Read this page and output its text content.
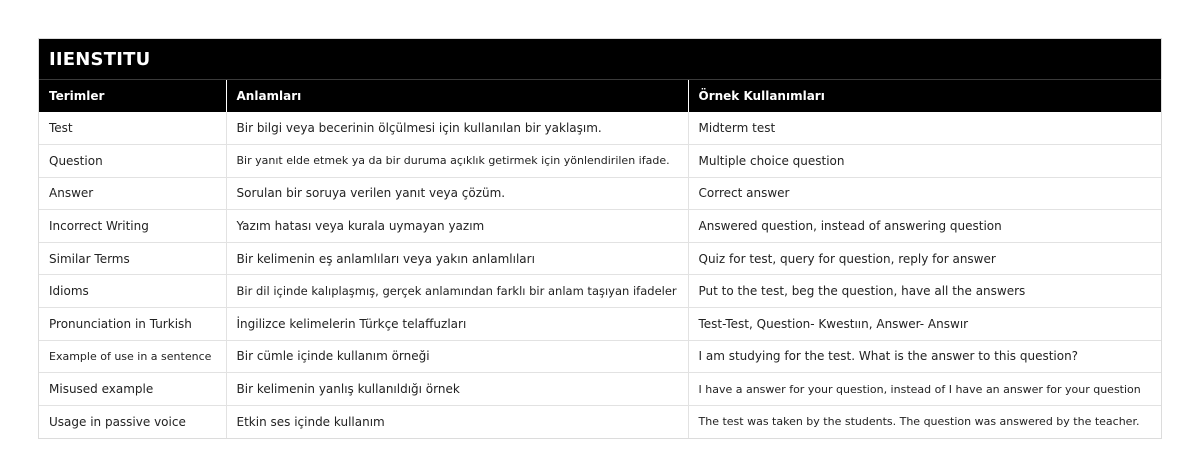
IIENSTITU
Terimler	Anlamları	Örnek Kullanımları
Test	Bir bilgi veya becerinin ölçülmesi için kullanılan bir yaklaşım.	Midterm test
Question	Bir yanıt elde etmek ya da bir duruma açıklık getirmek için yönlendirilen ifade.	Multiple choice question
Answer	Sorulan bir soruya verilen yanıt veya çözüm.	Correct answer
Incorrect Writing	Yazım hatası veya kurala uymayan yazım	Answered question, instead of answering question
Similar Terms	Bir kelimenin eş anlamlıları veya yakın anlamlıları	Quiz for test, query for question, reply for answer
Idioms	Bir dil içinde kalıplaşmış, gerçek anlamından farklı bir anlam taşıyan ifadeler	Put to the test, beg the question, have all the answers
Pronunciation in Turkish	İngilizce kelimelerin Türkçe telaffuzları	Test-Test, Question- Kwestıın, Answer- Answır
Example of use in a sentence	Bir cümle içinde kullanım örneği	I am studying for the test. What is the answer to this question?
Misused example	Bir kelimenin yanlış kullanıldığı örnek	I have a answer for your question, instead of I have an answer for your question
Usage in passive voice	Etkin ses içinde kullanım	The test was taken by the students. The question was answered by the teacher.
